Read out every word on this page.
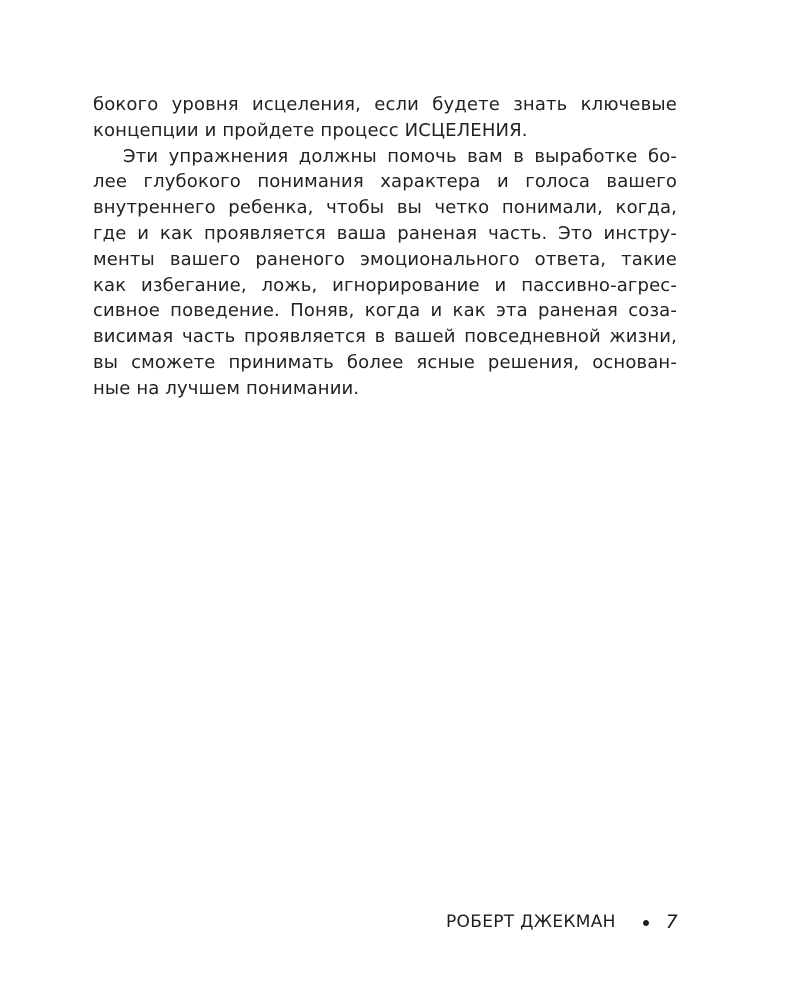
бокого уровня исцеления, если будете знать ключевые
концепции и пройдете процесс ИСЦЕЛЕНИЯ.
Эти упражнения должны помочь вам в выработке бо-
лее глубокого понимания характера и голоса вашего
внутреннего ребенка, чтобы вы четко понимали, когда,
где и как проявляется ваша раненая часть. Это инстру-
менты вашего раненого эмоционального ответа, такие
как избегание, ложь, игнорирование и пассивно-агрес-
сивное поведение. Поняв, когда и как эта раненая соза-
висимая часть проявляется в вашей повседневной жизни,
вы сможете принимать более ясные решения, основан-
ные на лучшем понимании.
РОБЕРТ ДЖЕКМАН	7
